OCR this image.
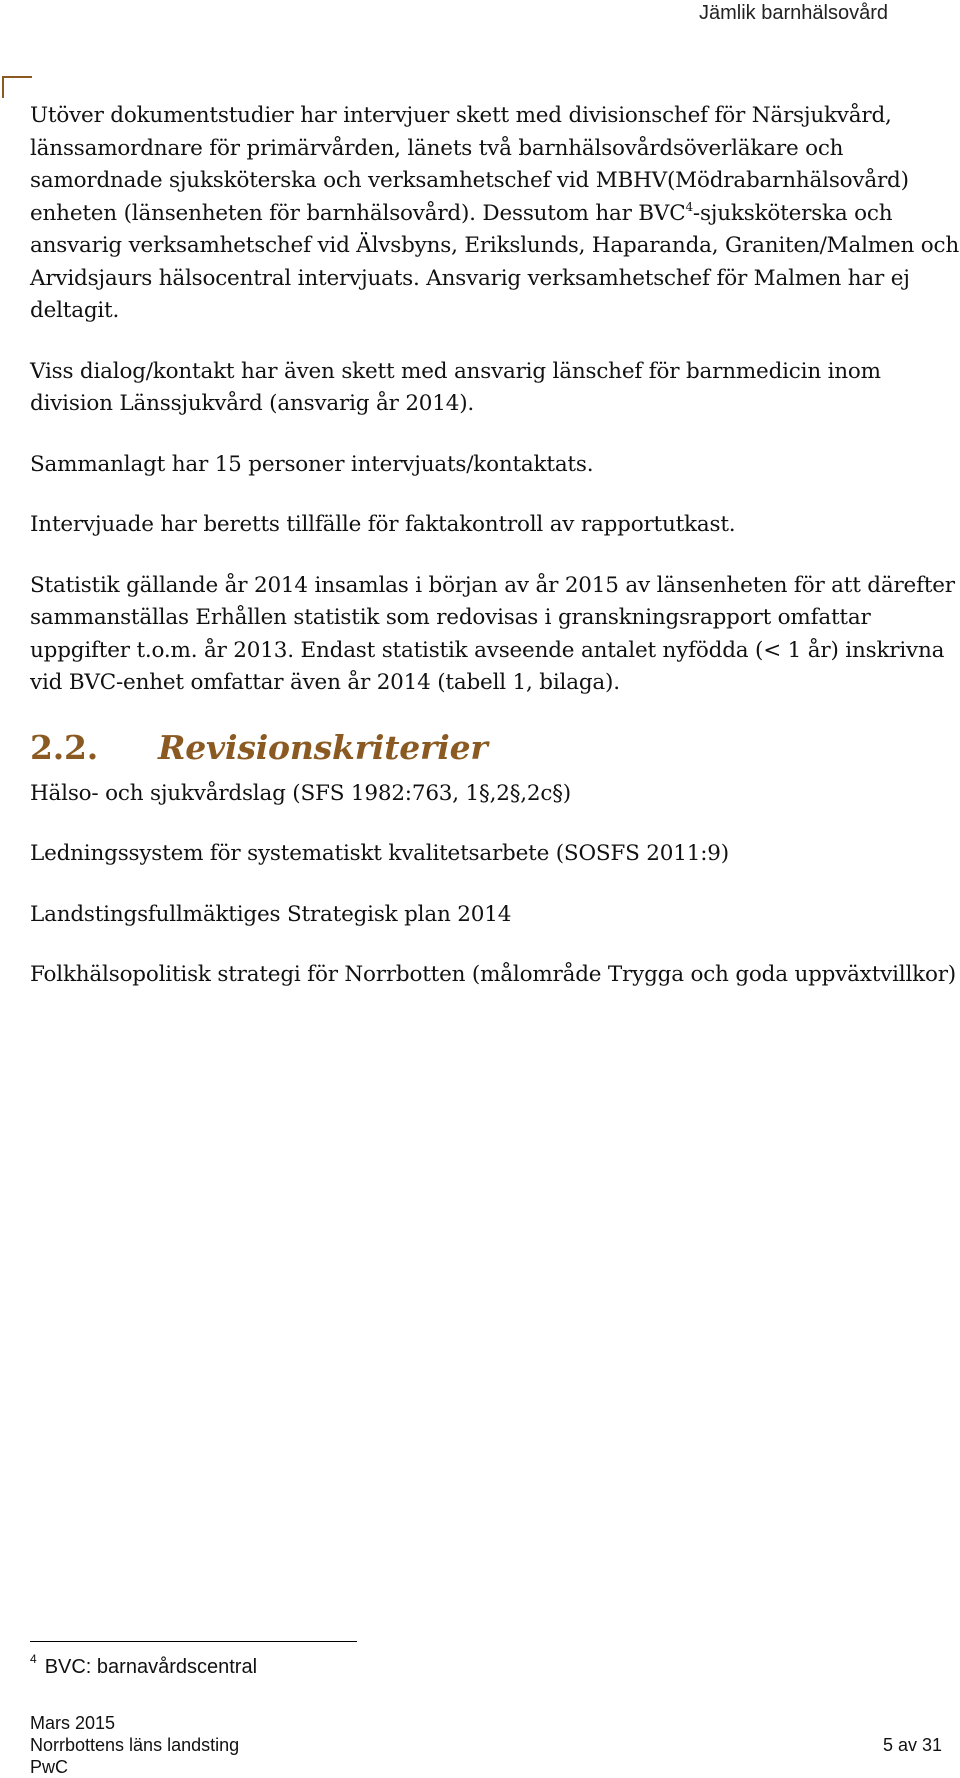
Jämlik barnhälsovård

Utöver dokumentstudier har intervjuer skett med divisionschef för Närsjukvård, länssamordnare för primärvården, länets två barnhälsovårdsöverläkare och samordnade sjuksköterska och verksamhetschef vid MBHV(Mödrabarnhälsovård) enheten (länsenheten för barnhälsovård). Dessutom har BVC$^4$-sjuksköterska och ansvarig verksamhetschef vid Älvsbyns, Erikslunds, Haparanda, Graniten/Malmen och Arvidsjaurs hälsocentral intervjuats. Ansvarig verksamhetschef för Malmen har ej deltagit.

Viss dialog/kontakt har även skett med ansvarig länschef för barnmedicin inom division Länssjukvård (ansvarig år 2014).

Sammanlagt har 15 personer intervjuats/kontaktats.

Intervjuade har beretts tillfälle för faktakontroll av rapportutkast.

Statistik gällande år 2014 insamlas i början av år 2015 av länsenheten för att därefter sammanställas Erhållen statistik som redovisas i granskningsrapport omfattar uppgifter t.o.m. år 2013. Endast statistik avseende antalet nyfödda (< 1 år) inskrivna vid BVC-enhet omfattar även år 2014 (tabell 1, bilaga).

2.2.	Revisionskriterier

Hälso- och sjukvårdslag (SFS 1982:763, 1§,2§,2c§)

Ledningssystem för systematiskt kvalitetsarbete (SOSFS 2011:9)

Landstingsfullmäktiges Strategisk plan 2014

Folkhälsopolitisk strategi för Norrbotten (målområde Trygga och goda uppväxtvillkor)

$^4$ BVC: barnavårdscentral
Mars 2015
Norrbottens läns landsting
PwC
5 av 31
